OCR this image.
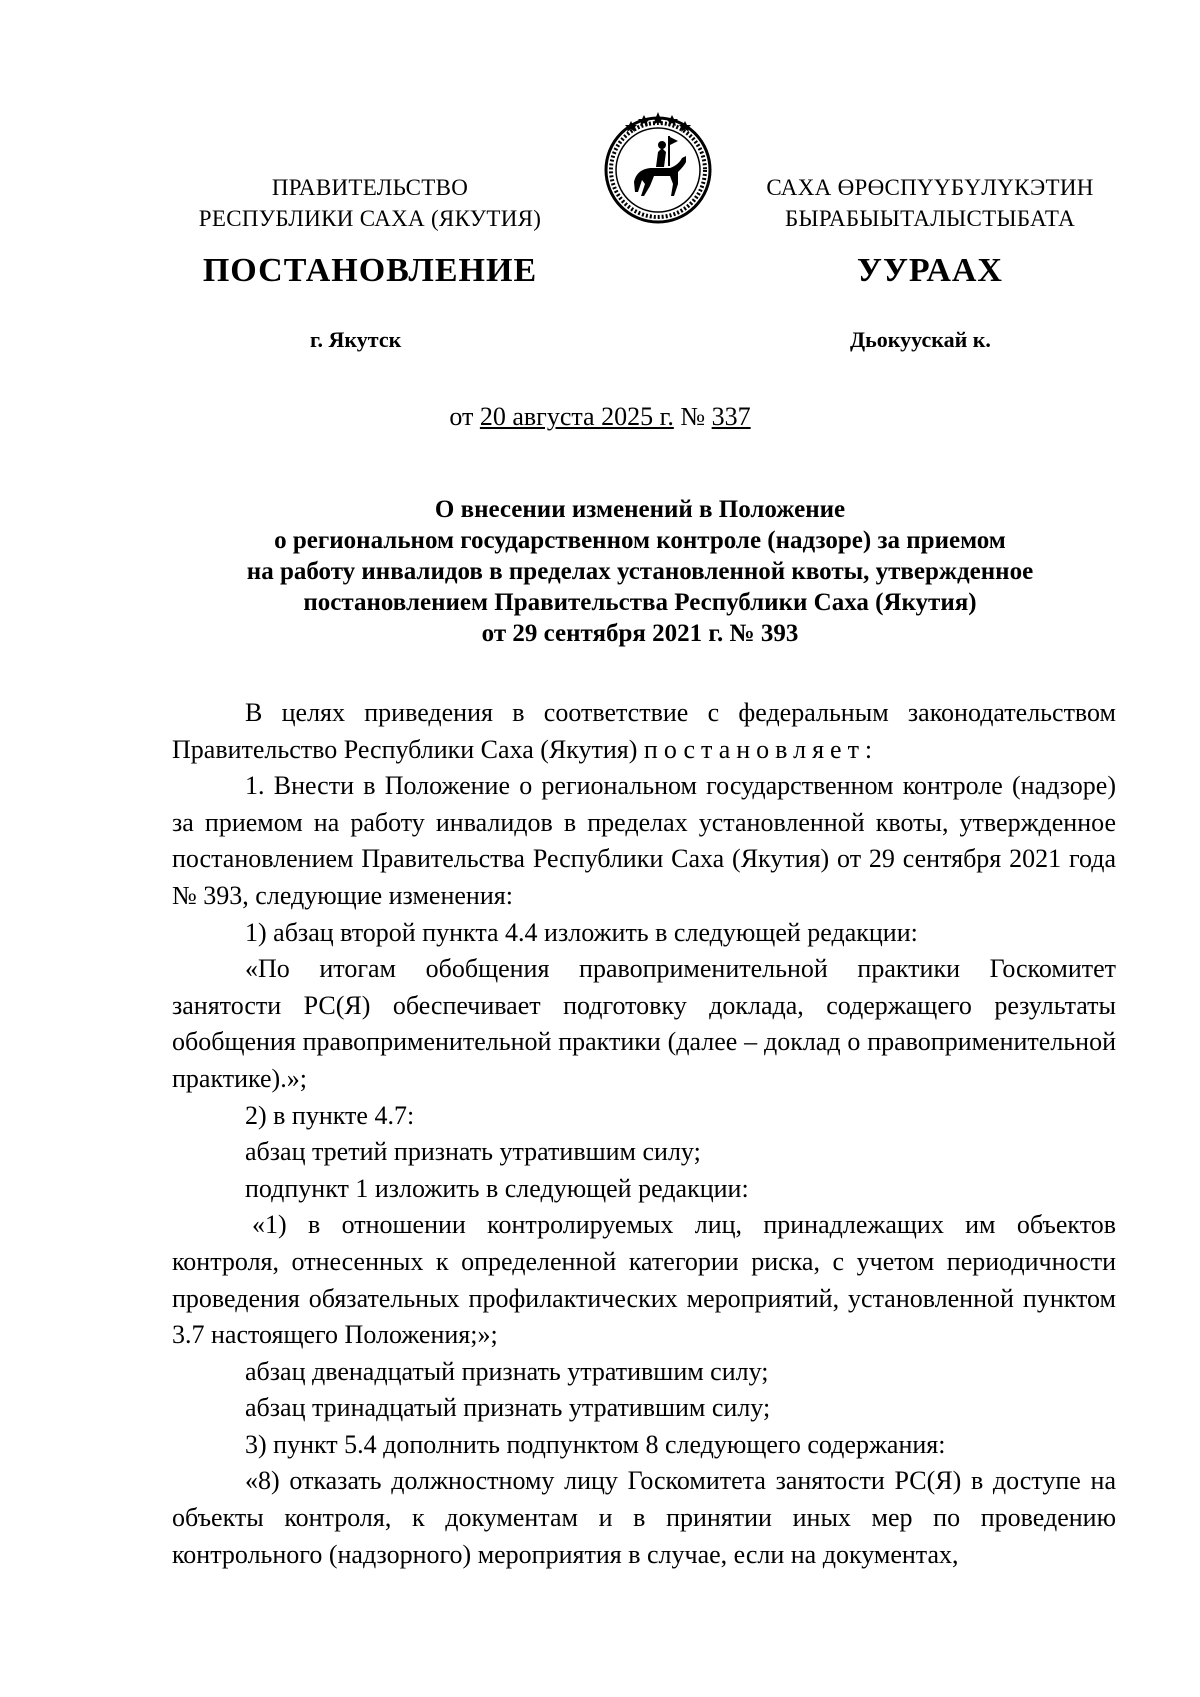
ПРАВИТЕЛЬСТВО
РЕСПУБЛИКИ САХА (ЯКУТИЯ)
САХА ӨРӨСПҮҮБҮЛҮКЭТИН
БЫРАБЫЫТАЛЫСТЫБАТА
ПОСТАНОВЛЕНИЕ	УУРААХ
г. Якутск	Дьокуускай к.
от 20 августа 2025 г. № 337
О внесении изменений в Положение
о региональном государственном контроле (надзоре) за приемом
на работу инвалидов в пределах установленной квоты, утвержденное
постановлением Правительства Республики Саха (Якутия)
от 29 сентября 2021 г. № 393

В целях приведения в соответствие с федеральным законодательством Правительство Республики Саха (Якутия) постановляет:

1. Внести в Положение о региональном государственном контроле (надзоре) за приемом на работу инвалидов в пределах установленной квоты, утвержденное постановлением Правительства Республики Саха (Якутия) от 29 сентября 2021 года № 393, следующие изменения:

1) абзац второй пункта 4.4 изложить в следующей редакции:

«По итогам обобщения правоприменительной практики Госкомитет занятости РС(Я) обеспечивает подготовку доклада, содержащего результаты обобщения правоприменительной практики (далее – доклад о правоприменительной практике).»;

2) в пункте 4.7:

абзац третий признать утратившим силу;

подпункт 1 изложить в следующей редакции:

«1) в отношении контролируемых лиц, принадлежащих им объектов контроля, отнесенных к определенной категории риска, с учетом периодичности проведения обязательных профилактических мероприятий, установленной пунктом 3.7 настоящего Положения;»;

абзац двенадцатый признать утратившим силу;

абзац тринадцатый признать утратившим силу;

3) пункт 5.4 дополнить подпунктом 8 следующего содержания:

«8) отказать должностному лицу Госкомитета занятости РС(Я) в доступе на объекты контроля, к документам и в принятии иных мер по проведению контрольного (надзорного) мероприятия в случае, если на документах,
